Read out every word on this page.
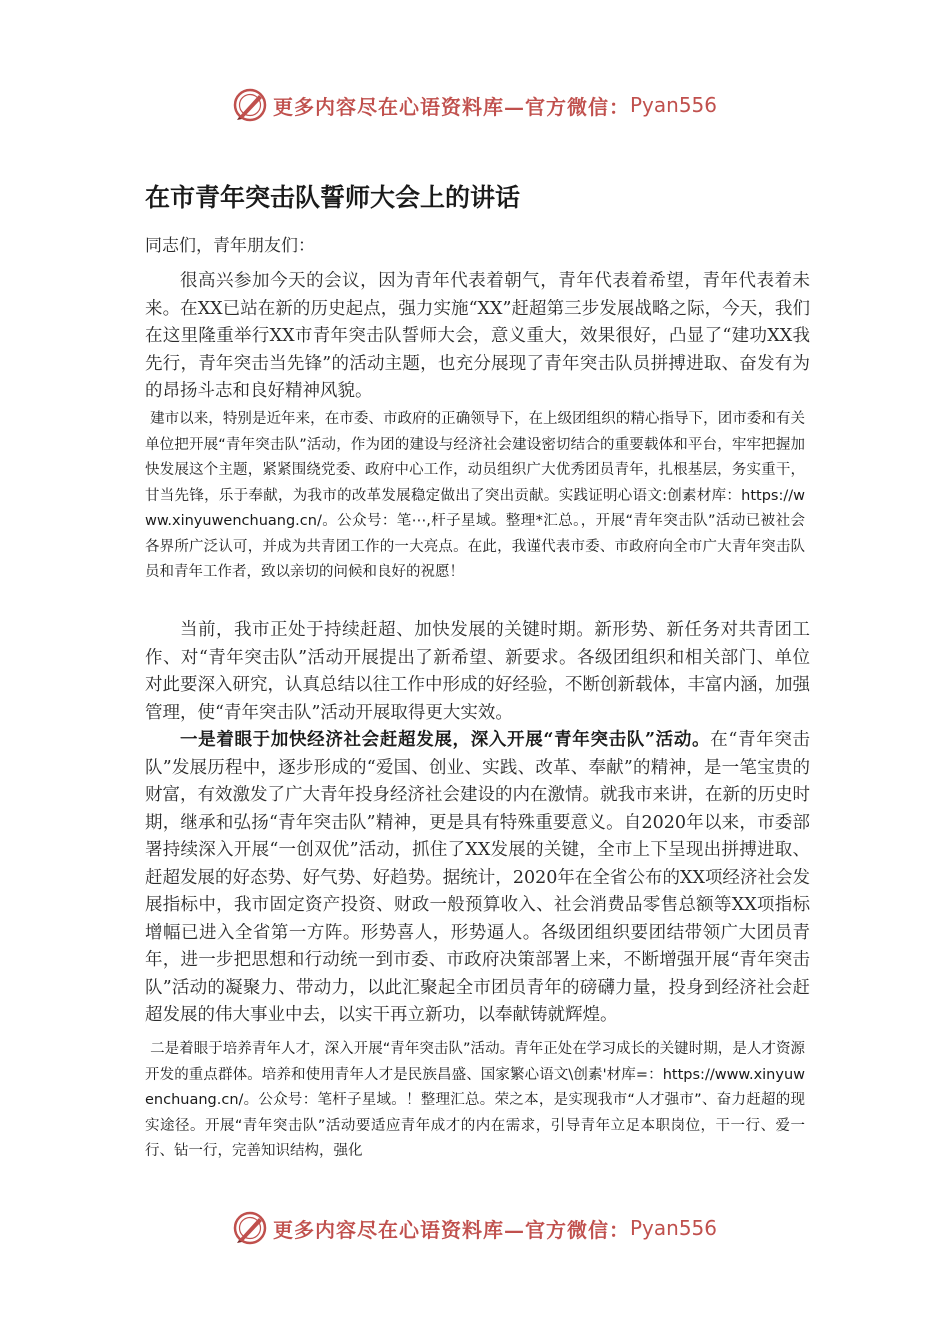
更多内容尽在心语资料库—官方微信： Pyan556
在市青年突击队誓师大会上的讲话

同志们，青年朋友们：

很高兴参加今天的会议，因为青年代表着朝气，青年代表着希望，青年代表着未来。在XX已站在新的历史起点，强力实施“XX”赶超第三步发展战略之际，今天，我们在这里隆重举行XX市青年突击队誓师大会，意义重大，效果很好，凸显了“建功XX我先行，青年突击当先锋”的活动主题，也充分展现了青年突击队员拼搏进取、奋发有为的昂扬斗志和良好精神风貌。

建市以来，特别是近年来，在市委、市政府的正确领导下，在上级团组织的精心指导下，团市委和有关单位把开展“青年突击队”活动，作为团的建设与经济社会建设密切结合的重要载体和平台，牢牢把握加快发展这个主题，紧紧围绕党委、政府中心工作，动员组织广大优秀团员青年，扎根基层，务实重干，甘当先锋，乐于奉献，为我市的改革发展稳定做出了突出贡献。实践证明心语文:创素材库：https://www.xinyuwenchuang.cn/。公众号：笔⋯,杆子星域。整理*汇总。，开展“青年突击队”活动已被社会各界所广泛认可，并成为共青团工作的一大亮点。在此，我谨代表市委、市政府向全市广大青年突击队员和青年工作者，致以亲切的问候和良好的祝愿！

当前，我市正处于持续赶超、加快发展的关键时期。新形势、新任务对共青团工作、对“青年突击队”活动开展提出了新希望、新要求。各级团组织和相关部门、单位对此要深入研究，认真总结以往工作中形成的好经验，不断创新载体，丰富内涵，加强管理，使“青年突击队”活动开展取得更大实效。

一是着眼于加快经济社会赶超发展，深入开展“青年突击队”活动。在“青年突击队”发展历程中，逐步形成的“爱国、创业、实践、改革、奉献”的精神，是一笔宝贵的财富，有效激发了广大青年投身经济社会建设的内在激情。就我市来讲，在新的历史时期，继承和弘扬“青年突击队”精神，更是具有特殊重要意义。自2020年以来，市委部署持续深入开展“一创双优”活动，抓住了XX发展的关键，全市上下呈现出拼搏进取、赶超发展的好态势、好气势、好趋势。据统计，2020年在全省公布的XX项经济社会发展指标中，我市固定资产投资、财政一般预算收入、社会消费品零售总额等XX项指标增幅已进入全省第一方阵。形势喜人，形势逼人。各级团组织要团结带领广大团员青年，进一步把思想和行动统一到市委、市政府决策部署上来，不断增强开展“青年突击队”活动的凝聚力、带动力，以此汇聚起全市团员青年的磅礴力量，投身到经济社会赶超发展的伟大事业中去，以实干再立新功，以奉献铸就辉煌。

二是着眼于培养青年人才，深入开展“青年突击队”活动。青年正处在学习成长的关键时期，是人才资源开发的重点群体。培养和使用青年人才是民族昌盛、国家繁心语文\创素'材库=：https://www.xinyuwenchuang.cn/。公众号：笔杆子星域。！整理汇总。荣之本，是实现我市“人才强市”、奋力赶超的现实途径。开展“青年突击队”活动要适应青年成才的内在需求，引导青年立足本职岗位，干一行、爱一行、钻一行，完善知识结构，强化

更多内容尽在心语资料库—官方微信： Pyan556
